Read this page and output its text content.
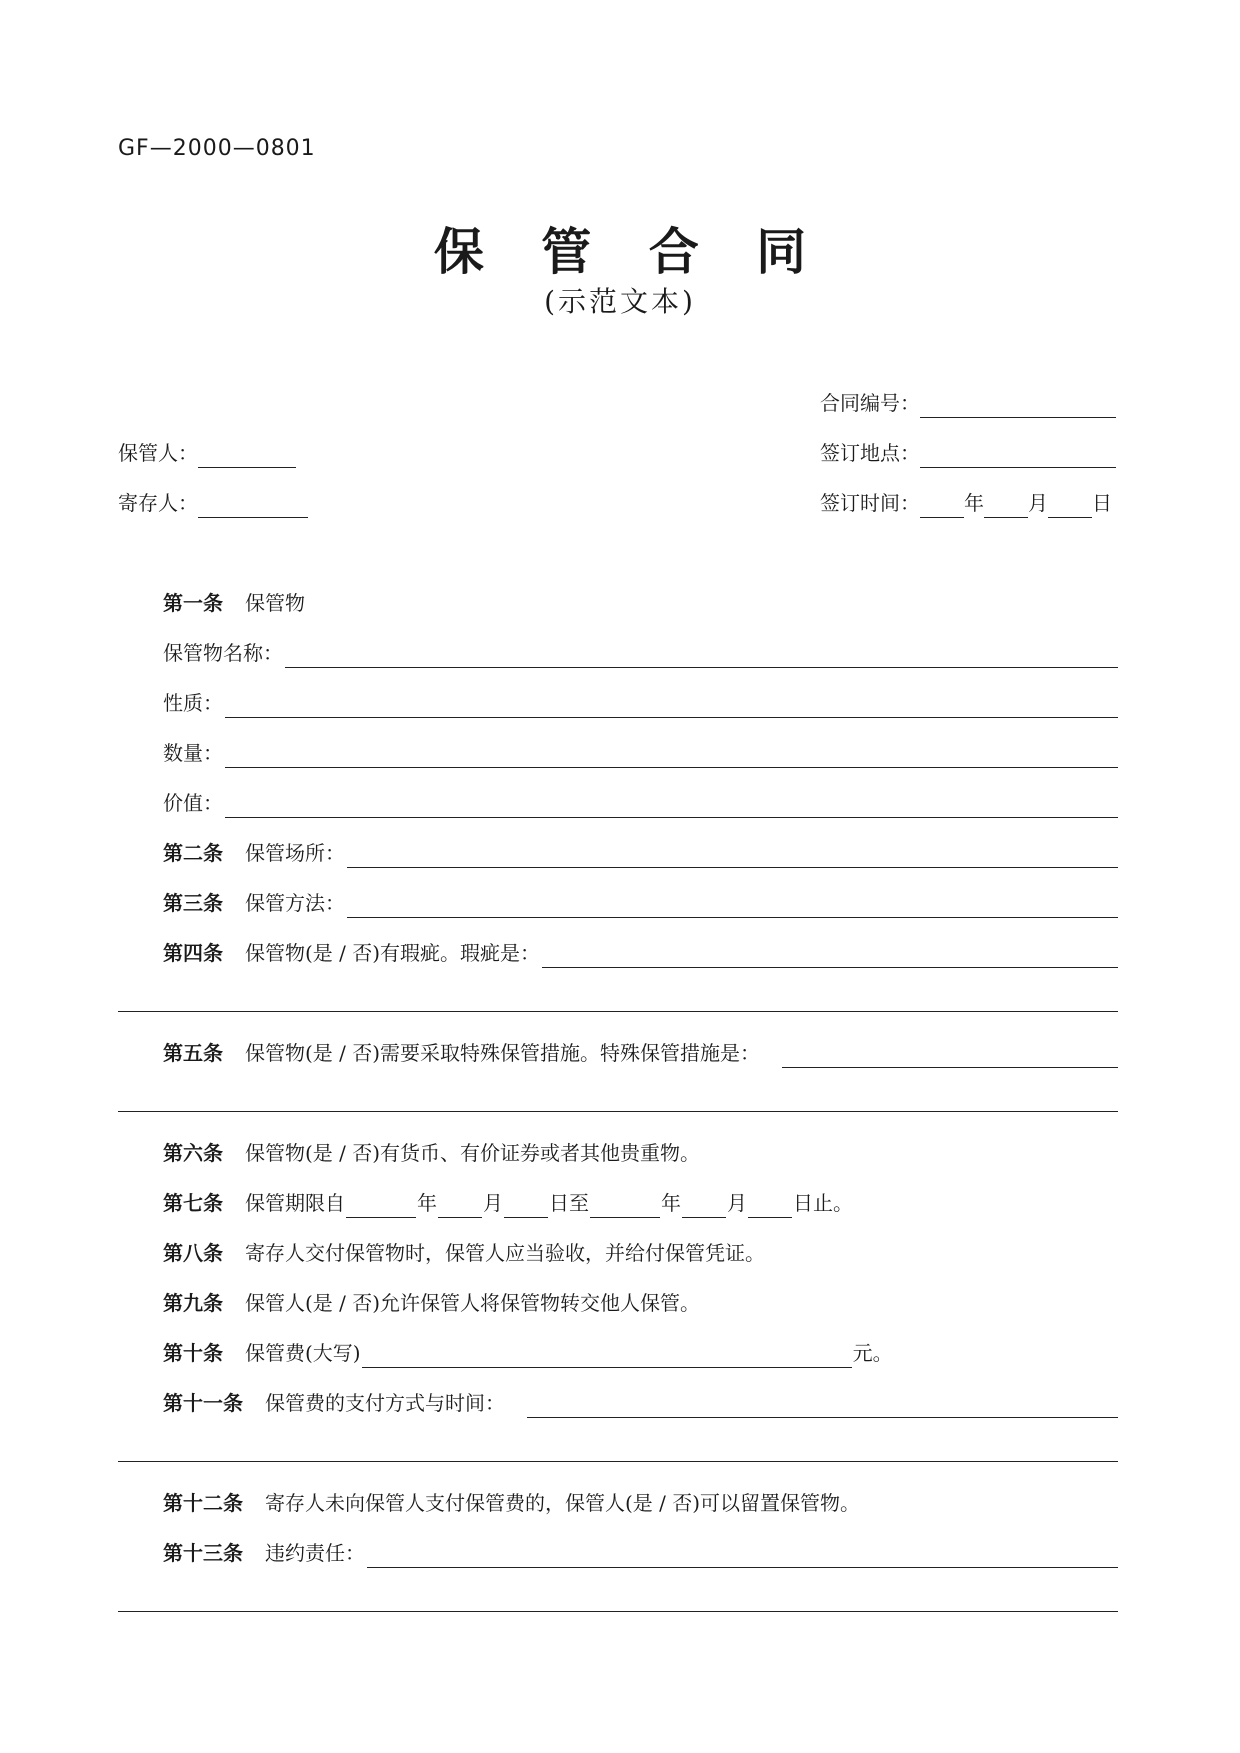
GF—2000—0801
保 管 合 同
(示范文本)
合同编号：
保管人：	签订地点：
寄存人：	签订时间： 年 月 日
第一条 保管物
保管物名称：
性质：
数量：
价值：
第二条 保管场所：
第三条 保管方法：
第四条 保管物(是 / 否)有瑕疵。瑕疵是：
第五条 保管物(是 / 否)需要采取特殊保管措施。特殊保管措施是：
第六条 保管物(是 / 否)有货币、有价证券或者其他贵重物。
第七条 保管期限自	年 月 日至	年 月 日止。
第八条 寄存人交付保管物时，保管人应当验收，并给付保管凭证。
第九条 保管人(是 / 否)允许保管人将保管物转交他人保管。
第十条 保管费(大写)	元。
第十一条 保管费的支付方式与时间：
第十二条 寄存人未向保管人支付保管费的，保管人(是 / 否)可以留置保管物。
第十三条 违约责任：
